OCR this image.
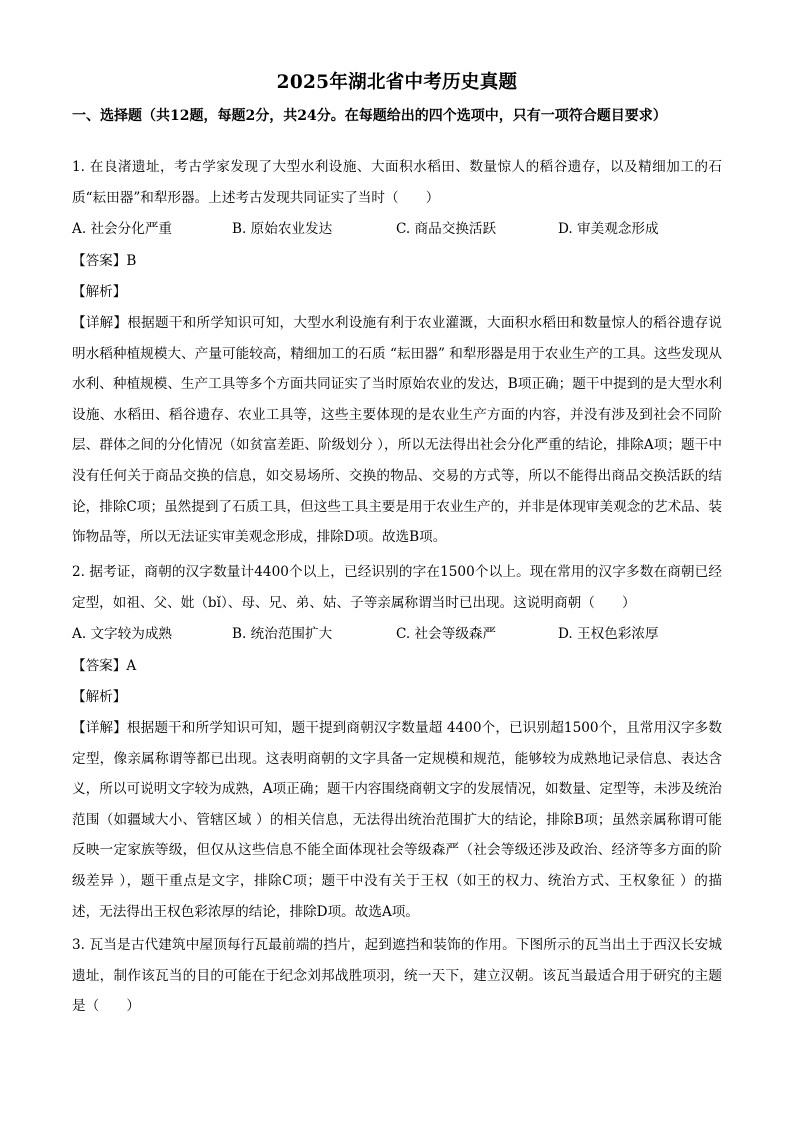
2025年湖北省中考历史真题
一、选择题（共12题，每题2分，共24分。在每题给出的四个选项中，只有一项符合题目要求）
1. 在良渚遗址，考古学家发现了大型水利设施、大面积水稻田、数量惊人的稻谷遗存，以及精细加工的石质“耘田器”和犁形器。上述考古发现共同证实了当时（　　）
A. 社会分化严重	B. 原始农业发达	C. 商品交换活跃	D. 审美观念形成
【答案】B
【解析】
【详解】根据题干和所学知识可知，大型水利设施有利于农业灌溉，大面积水稻田和数量惊人的稻谷遗存说明水稻种植规模大、产量可能较高，精细加工的石质 “耘田器” 和犁形器是用于农业生产的工具。这些发现从水利、种植规模、生产工具等多个方面共同证实了当时原始农业的发达，B项正确；题干中提到的是大型水利设施、水稻田、稻谷遗存、农业工具等，这些主要体现的是农业生产方面的内容，并没有涉及到社会不同阶层、群体之间的分化情况（如贫富差距、阶级划分 ），所以无法得出社会分化严重的结论，排除A项；题干中没有任何关于商品交换的信息，如交易场所、交换的物品、交易的方式等，所以不能得出商品交换活跃的结论，排除C项；虽然提到了石质工具，但这些工具主要是用于农业生产的，并非是体现审美观念的艺术品、装饰物品等，所以无法证实审美观念形成，排除D项。故选B项。
2. 据考证，商朝的汉字数量计4400个以上，已经识别的字在1500个以上。现在常用的汉字多数在商朝已经定型，如祖、父、妣（bǐ）、母、兄、弟、姑、子等亲属称谓当时已出现。这说明商朝（　　）
A. 文字较为成熟	B. 统治范围扩大	C. 社会等级森严	D. 王权色彩浓厚
【答案】A
【解析】
【详解】根据题干和所学知识可知，题干提到商朝汉字数量超 4400个，已识别超1500个，且常用汉字多数定型，像亲属称谓等都已出现。这表明商朝的文字具备一定规模和规范，能够较为成熟地记录信息、表达含义，所以可说明文字较为成熟，A项正确；题干内容围绕商朝文字的发展情况，如数量、定型等，未涉及统治范围（如疆域大小、管辖区域 ）的相关信息，无法得出统治范围扩大的结论，排除B项；虽然亲属称谓可能反映一定家族等级，但仅从这些信息不能全面体现社会等级森严（社会等级还涉及政治、经济等多方面的阶级差异 ），题干重点是文字，排除C项；题干中没有关于王权（如王的权力、统治方式、王权象征 ）的描述，无法得出王权色彩浓厚的结论，排除D项。故选A项。
3. 瓦当是古代建筑中屋顶每行瓦最前端的挡片，起到遮挡和装饰的作用。下图所示的瓦当出土于西汉长安城遗址，制作该瓦当的目的可能在于纪念刘邦战胜项羽，统一天下，建立汉朝。该瓦当最适合用于研究的主题是（　　）
